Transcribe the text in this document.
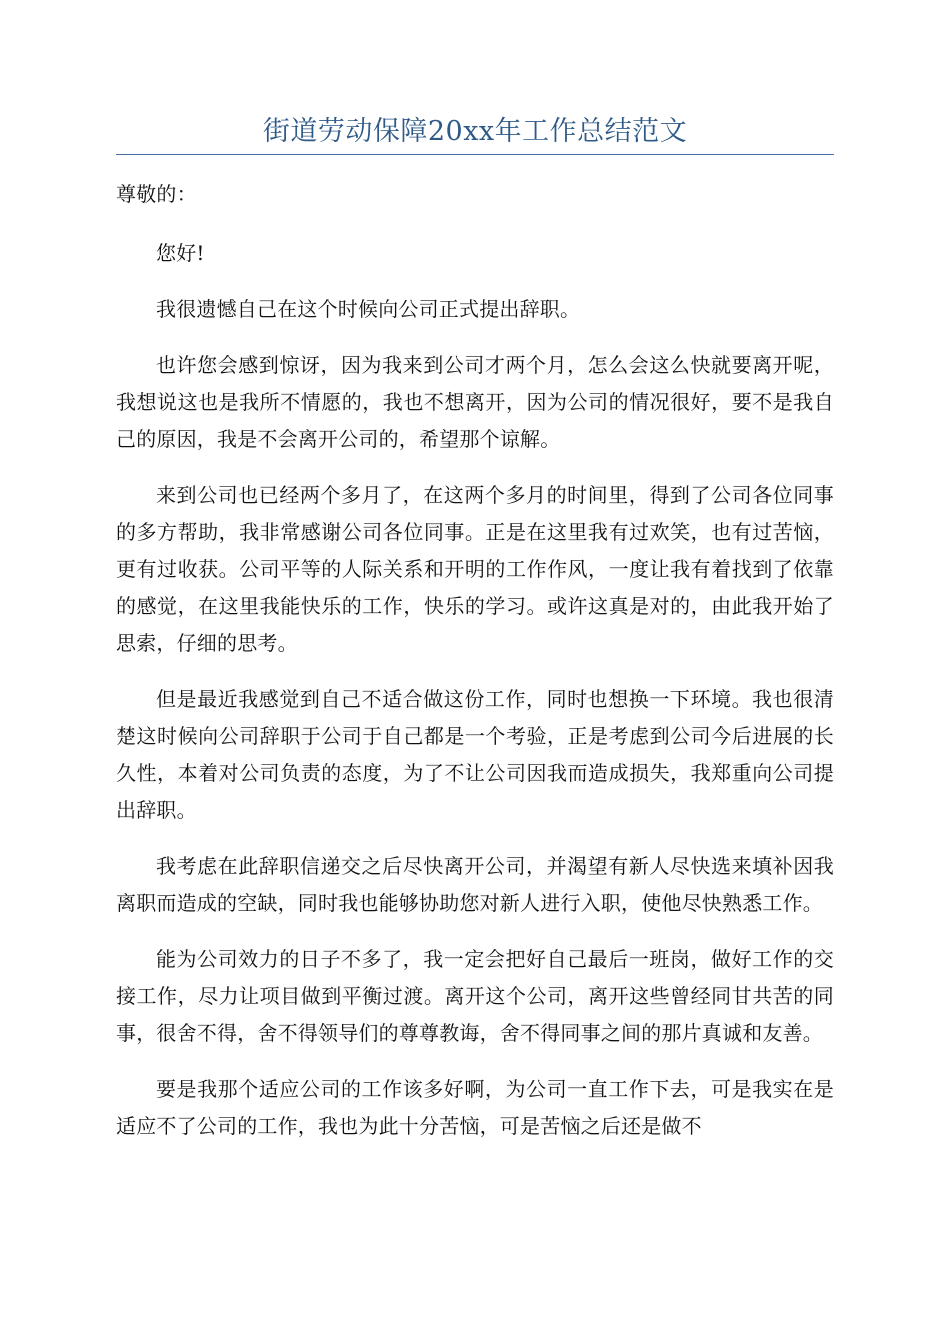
街道劳动保障20xx年工作总结范文

尊敬的：

您好!

我很遗憾自己在这个时候向公司正式提出辞职。

也许您会感到惊讶，因为我来到公司才两个月，怎么会这么快就要离开呢，我想说这也是我所不情愿的，我也不想离开，因为公司的情况很好，要不是我自己的原因，我是不会离开公司的，希望那个谅解。

来到公司也已经两个多月了，在这两个多月的时间里，得到了公司各位同事的多方帮助，我非常感谢公司各位同事。正是在这里我有过欢笑，也有过苦恼，更有过收获。公司平等的人际关系和开明的工作作风，一度让我有着找到了依靠的感觉，在这里我能快乐的工作，快乐的学习。或许这真是对的，由此我开始了思索，仔细的思考。

但是最近我感觉到自己不适合做这份工作，同时也想换一下环境。我也很清楚这时候向公司辞职于公司于自己都是一个考验，正是考虑到公司今后进展的长久性，本着对公司负责的态度，为了不让公司因我而造成损失，我郑重向公司提出辞职。

我考虑在此辞职信递交之后尽快离开公司，并渴望有新人尽快选来填补因我离职而造成的空缺，同时我也能够协助您对新人进行入职，使他尽快熟悉工作。

能为公司效力的日子不多了，我一定会把好自己最后一班岗，做好工作的交接工作，尽力让项目做到平衡过渡。离开这个公司，离开这些曾经同甘共苦的同事，很舍不得，舍不得领导们的尊尊教诲，舍不得同事之间的那片真诚和友善。

要是我那个适应公司的工作该多好啊，为公司一直工作下去，可是我实在是适应不了公司的工作，我也为此十分苦恼，可是苦恼之后还是做不
